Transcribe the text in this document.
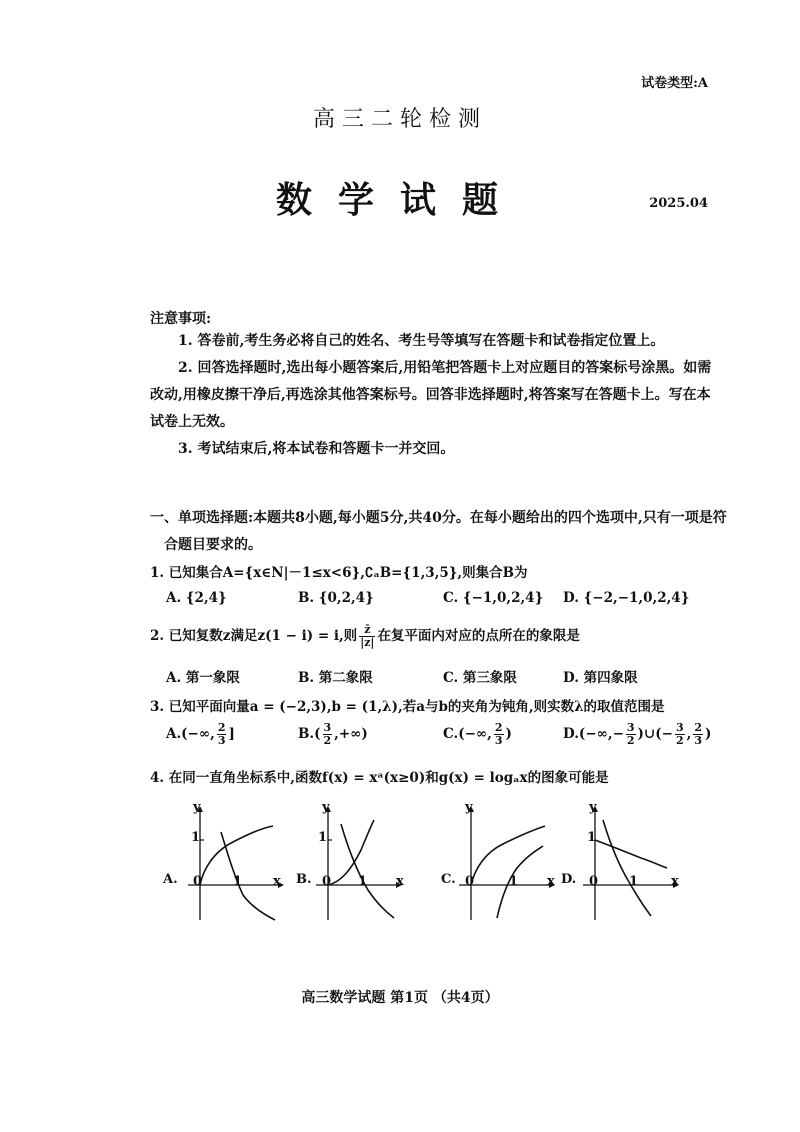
试卷类型:A
高三二轮检测
数学试题	2025.04
注意事项:

1. 答卷前,考生务必将自己的姓名、考生号等填写在答题卡和试卷指定位置上。

2. 回答选择题时,选出每小题答案后,用铅笔把答题卡上对应题目的答案标号涂黑。如需改动,用橡皮擦干净后,再选涂其他答案标号。回答非选择题时,将答案写在答题卡上。写在本试卷上无效。

3. 考试结束后,将本试卷和答题卡一并交回。

一、单项选择题:本题共8小题,每小题5分,共40分。在每小题给出的四个选项中,只有一项是符合题目要求的。
1. 已知集合A={x∈N|－1≤x<6},∁ₐB={1,3,5},则集合B为
A. {2,4}	B. {0,2,4}	C. {−1,0,2,4} D. {−2,−1,0,2,4}
2. 已知复数z满足z(1 − i) = i,则 $\frac{z̄}{|z|}$ 在复平面内对应的点所在的象限是
A. 第一象限	B. 第二象限	C. 第三象限	D. 第四象限
3. 已知平面向量a = (−2,3),b = (1,λ),若a与b的夹角为钝角,则实数λ的取值范围是
A.(−∞, $\frac{2}{3}$ ]	$B.( \frac{3}{2}$ ,+∞)	C.(−∞, $\frac{2}{3}$ )	$D.(-\infty,- \frac{3}{2}$ )∪(− $\frac{3}{2}$ , $\frac{2}{3}$ )
4. 在同一直角坐标系中,函数f(x) = xᵃ(x≥0)和g(x) = logₐx的图象可能是
A.
y
1
0 1 x B.
y
1
0 1 x	C.
y
0	1 x D.
y
1
0 1	x
高三数学试题 第1页 （共4页）
